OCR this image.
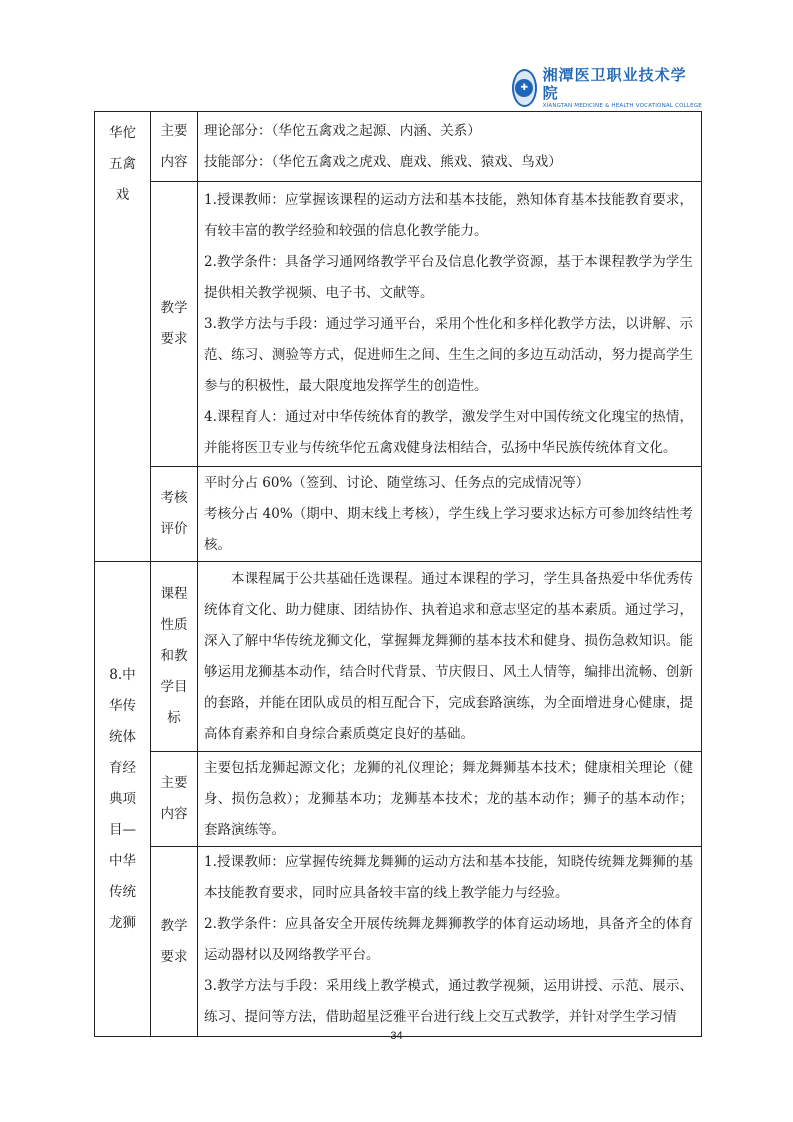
✚
湘潭医卫职业技术学院
XIANGTAN MEDICINE & HEALTH VOCATIONAL COLLEGE
华佗五禽戏	主要内容	理论部分：（华佗五禽戏之起源、内涵、关系）

技能部分：（华佗五禽戏之虎戏、鹿戏、熊戏、猿戏、鸟戏）

	教学要求	1.授课教师：应掌握该课程的运动方法和基本技能，熟知体育基本技能教育要求，有较丰富的教学经验和较强的信息化教学能力。

2.教学条件：具备学习通网络教学平台及信息化教学资源，基于本课程教学为学生提供相关教学视频、电子书、文献等。

3.教学方法与手段：通过学习通平台，采用个性化和多样化教学方法，以讲解、示范、练习、测验等方式，促进师生之间、生生之间的多边互动活动，努力提高学生参与的积极性，最大限度地发挥学生的创造性。

4.课程育人：通过对中华传统体育的教学，激发学生对中国传统文化瑰宝的热情，并能将医卫专业与传统华佗五禽戏健身法相结合，弘扬中华民族传统体育文化。

	考核评价	平时分占 60%（签到、讨论、随堂练习、任务点的完成情况等）

考核分占 40%（期中、期末线上考核），学生线上学习要求达标方可参加终结性考核。

8.中华传统体育经典项目—中华传统龙狮	课程性质和教学目标	本课程属于公共基础任选课程。通过本课程的学习，学生具备热爱中华优秀传统体育文化、助力健康、团结协作、执着追求和意志坚定的基本素质。通过学习，深入了解中华传统龙狮文化，掌握舞龙舞狮的基本技术和健身、损伤急救知识。能够运用龙狮基本动作，结合时代背景、节庆假日、风土人情等，编排出流畅、创新的套路，并能在团队成员的相互配合下，完成套路演练，为全面增进身心健康，提高体育素养和自身综合素质奠定良好的基础。

	主要内容	主要包括龙狮起源文化；龙狮的礼仪理论；舞龙舞狮基本技术；健康相关理论（健身、损伤急救）；龙狮基本功；龙狮基本技术；龙的基本动作；狮子的基本动作；套路演练等。

	教学要求	1.授课教师：应掌握传统舞龙舞狮的运动方法和基本技能，知晓传统舞龙舞狮的基本技能教育要求，同时应具备较丰富的线上教学能力与经验。

2.教学条件：应具备安全开展传统舞龙舞狮教学的体育运动场地，具备齐全的体育运动器材以及网络教学平台。

3.教学方法与手段：采用线上教学模式，通过教学视频，运用讲授、示范、展示、练习、提问等方法，借助超星泛雅平台进行线上交互式教学，并针对学生学习情

34
